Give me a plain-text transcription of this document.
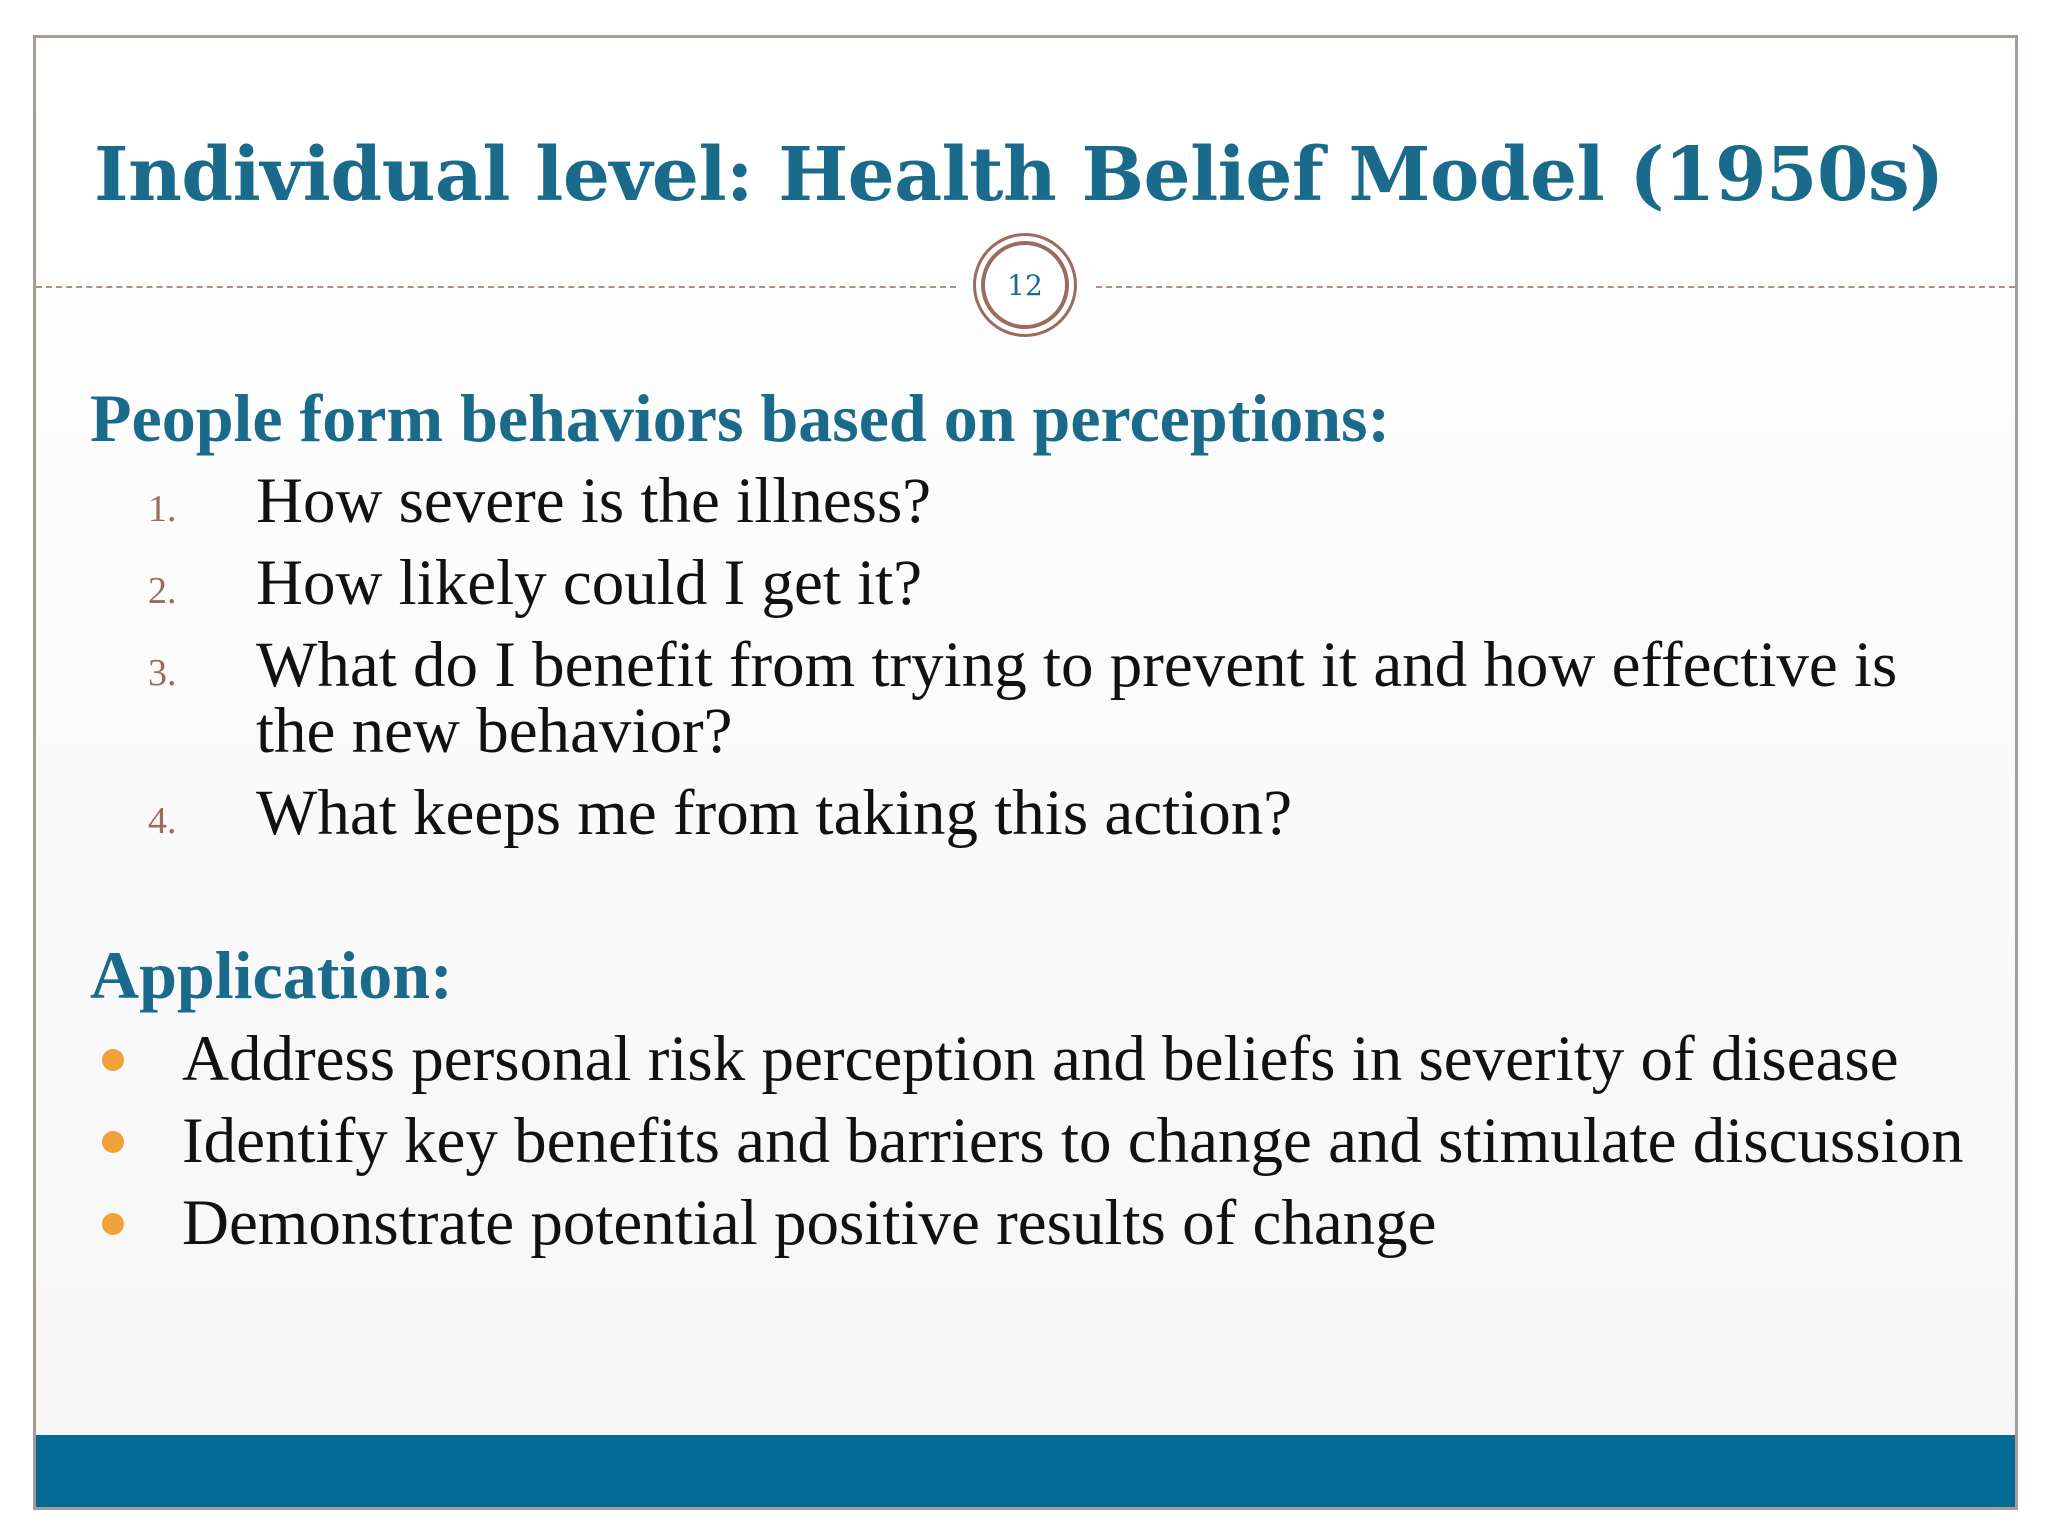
Individual level: Health Belief Model (1950s)
12
People form behaviors based on perceptions:
1. How severe is the illness?
2. How likely could I get it?
3. What do I benefit from trying to prevent it and how effective is the new behavior?
4. What keeps me from taking this action?
Application:
Address personal risk perception and beliefs in severity of disease
Identify key benefits and barriers to change and stimulate discussion
Demonstrate potential positive results of change
